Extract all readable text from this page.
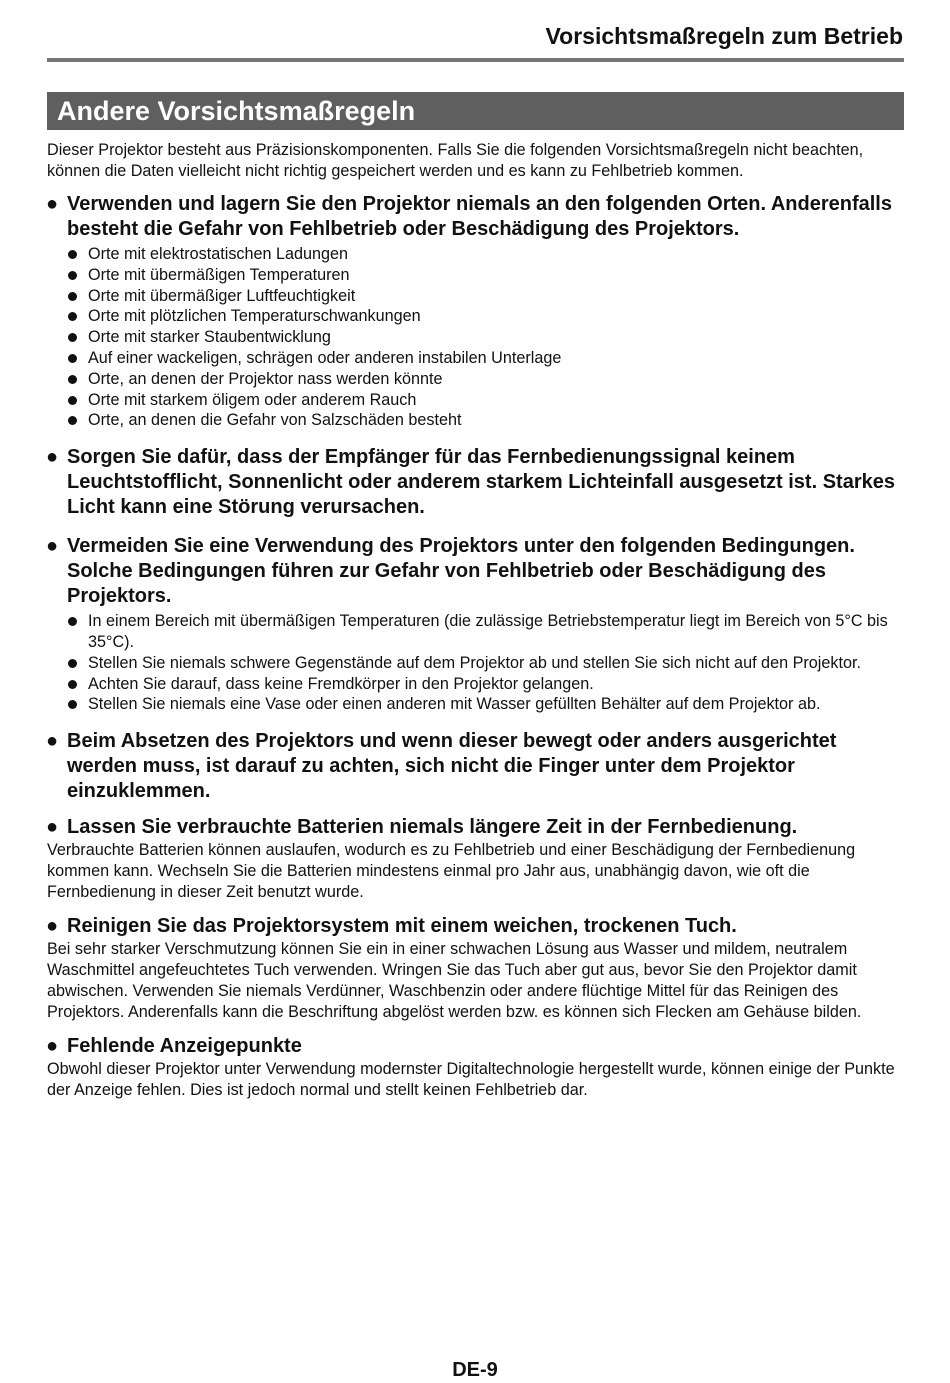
Vorsichtsmaßregeln zum Betrieb
Andere Vorsichtsmaßregeln

Dieser Projektor besteht aus Präzisionskomponenten. Falls Sie die folgenden Vorsichtsmaßregeln nicht beachten, können die Daten vielleicht nicht richtig gespeichert werden und es kann zu Fehlbetrieb kommen.

● Verwenden und lagern Sie den Projektor niemals an den folgenden Orten. Anderenfalls besteht die Gefahr von Fehlbetrieb oder Beschädigung des Projektors.
Orte mit elektrostatischen Ladungen
Orte mit übermäßigen Temperaturen
Orte mit übermäßiger Luftfeuchtigkeit
Orte mit plötzlichen Temperaturschwankungen
Orte mit starker Staubentwicklung
Auf einer wackeligen, schrägen oder anderen instabilen Unterlage
Orte, an denen der Projektor nass werden könnte
Orte mit starkem öligem oder anderem Rauch
Orte, an denen die Gefahr von Salzschäden besteht
● Sorgen Sie dafür, dass der Empfänger für das Fernbedienungssignal keinem Leuchtstofflicht, Sonnenlicht oder anderem starkem Lichteinfall ausgesetzt ist. Starkes Licht kann eine Störung verursachen.
● Vermeiden Sie eine Verwendung des Projektors unter den folgenden Bedingungen. Solche Bedingungen führen zur Gefahr von Fehlbetrieb oder Beschädigung des Projektors.
In einem Bereich mit übermäßigen Temperaturen (die zulässige Betriebstemperatur liegt im Bereich von 5°C bis 35°C).
Stellen Sie niemals schwere Gegenstände auf dem Projektor ab und stellen Sie sich nicht auf den Projektor.
Achten Sie darauf, dass keine Fremdkörper in den Projektor gelangen.
Stellen Sie niemals eine Vase oder einen anderen mit Wasser gefüllten Behälter auf dem Projektor ab.
● Beim Absetzen des Projektors und wenn dieser bewegt oder anders ausgerichtet werden muss, ist darauf zu achten, sich nicht die Finger unter dem Projektor einzuklemmen.
● Lassen Sie verbrauchte Batterien niemals längere Zeit in der Fernbedienung.

Verbrauchte Batterien können auslaufen, wodurch es zu Fehlbetrieb und einer Beschädigung der Fernbedienung kommen kann. Wechseln Sie die Batterien mindestens einmal pro Jahr aus, unabhängig davon, wie oft die Fernbedienung in dieser Zeit benutzt wurde.

● Reinigen Sie das Projektorsystem mit einem weichen, trockenen Tuch.

Bei sehr starker Verschmutzung können Sie ein in einer schwachen Lösung aus Wasser und mildem, neutralem Waschmittel angefeuchtetes Tuch verwenden. Wringen Sie das Tuch aber gut aus, bevor Sie den Projektor damit abwischen. Verwenden Sie niemals Verdünner, Waschbenzin oder andere flüchtige Mittel für das Reinigen des Projektors. Anderenfalls kann die Beschriftung abgelöst werden bzw. es können sich Flecken am Gehäuse bilden.

● Fehlende Anzeigepunkte

Obwohl dieser Projektor unter Verwendung modernster Digitaltechnologie hergestellt wurde, können einige der Punkte der Anzeige fehlen. Dies ist jedoch normal und stellt keinen Fehlbetrieb dar.

DE-9
